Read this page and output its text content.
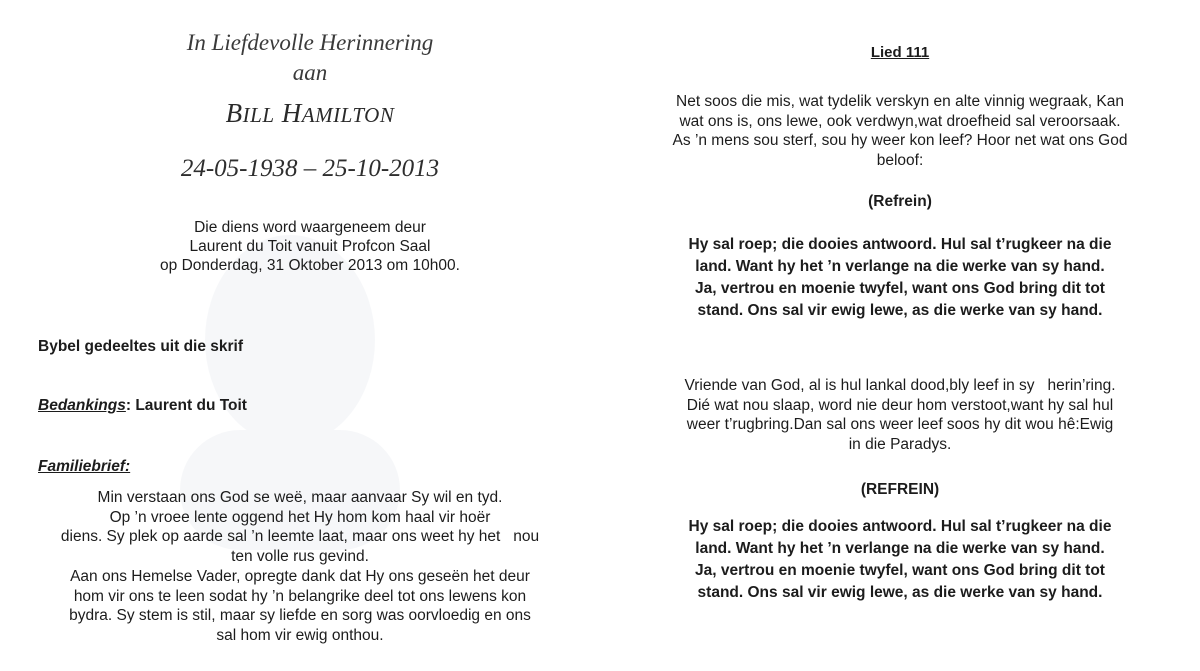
In Liefdevolle Herinnering
aan
BILL HAMILTON
24-05-1938 – 25-10-2013
Die diens word waargeneem deur
Laurent du Toit vanuit Profcon Saal
op Donderdag, 31 Oktober 2013 om 10h00.
Bybel gedeeltes uit die skrif
Bedankings: Laurent du Toit
Familiebrief:
Min verstaan ons God se weë, maar aanvaar Sy wil en tyd.
Op ’n vroee lente oggend het Hy hom kom haal vir hoër
diens. Sy plek op aarde sal ’n leemte laat, maar ons weet hy het   nou
ten volle rus gevind.
Aan ons Hemelse Vader, opregte dank dat Hy ons geseën het deur
hom vir ons te leen sodat hy ’n belangrike deel tot ons lewens kon
bydra. Sy stem is stil, maar sy liefde en sorg was oorvloedig en ons
sal hom vir ewig onthou.
Lied 111
Net soos die mis, wat tydelik verskyn en alte vinnig wegraak, Kan
wat ons is, ons lewe, ook verdwyn,wat droefheid sal veroorsaak.
As ’n mens sou sterf, sou hy weer kon leef? Hoor net wat ons God
beloof:
(Refrein)
Hy sal roep; die dooies antwoord. Hul sal t’rugkeer na die
land. Want hy het ’n verlange na die werke van sy hand.
Ja, vertrou en moenie twyfel, want ons God bring dit tot
stand. Ons sal vir ewig lewe, as die werke van sy hand.
Vriende van God, al is hul lankal dood,bly leef in sy   herin’ring.
Dié wat nou slaap, word nie deur hom verstoot,want hy sal hul
weer t’rugbring.Dan sal ons weer leef soos hy dit wou hê:Ewig
in die Paradys.
(REFREIN)
Hy sal roep; die dooies antwoord. Hul sal t’rugkeer na die
land. Want hy het ’n verlange na die werke van sy hand.
Ja, vertrou en moenie twyfel, want ons God bring dit tot
stand. Ons sal vir ewig lewe, as die werke van sy hand.
